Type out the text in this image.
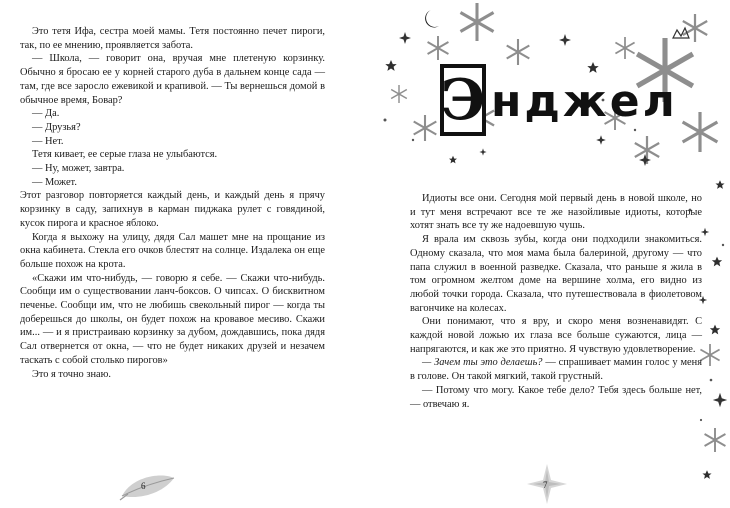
Это тетя Ифа, сестра моей мамы. Тетя постоянно печет пироги, так, по ее мнению, проявляется забота.

— Школа, — говорит она, вручая мне плетеную корзинку. Обычно я бросаю ее у корней старого дуба в дальнем конце сада — там, где все заросло ежевикой и крапивой. — Ты вернешься домой в обычное время, Бовар?

— Да.

— Друзья?

— Нет.

Тетя кивает, ее серые глаза не улыбаются.

— Ну, может, завтра.

— Может.

Этот разговор повторяется каждый день, и каждый день я прячу корзинку в саду, запихнув в карман пиджака рулет с говядиной, кусок пирога и красное яблоко.

Когда я выхожу на улицу, дядя Сал машет мне на прощание из окна кабинета. Стекла его очков блестят на солнце. Издалека он еще больше похож на крота.

«Скажи им что-нибудь, — говорю я себе. — Скажи что-нибудь. Сообщи им о существовании ланч-боксов. О чипсах. О бисквитном печенье. Сообщи им, что не любишь свекольный пирог — когда ты доберешься до школы, он будет похож на кровавое месиво. Скажи им... — и я пристраиваю корзинку за дубом, дождавшись, пока дядя Сал отвернется от окна, — что не будет никаких друзей и незачем таскать с собой столько пирогов»

Это я точно знаю.

6
Э нджел

Идиоты все они. Сегодня мой первый день в новой школе, но и тут меня встречают все те же назойливые идиоты, которые хотят знать все ту же надоевшую чушь.

Я врала им сквозь зубы, когда они подходили знакомиться. Одному сказала, что моя мама была балериной, другому — что папа служил в военной разведке. Сказала, что раньше я жила в том огромном желтом доме на вершине холма, его видно из любой точки города. Сказала, что путешествовала в фиолетовом вагончике на колесах.

Они понимают, что я вру, и скоро меня возненавидят. С каждой новой ложью их глаза все больше сужаются, лица — напрягаются, и как же это приятно. Я чувствую удовлетворение.

— Зачем ты это делаешь? — спрашивает мамин голос у меня в голове. Он такой мягкий, такой грустный.

— Потому что могу. Какое тебе дело? Тебя здесь больше нет, — отвечаю я.

7
